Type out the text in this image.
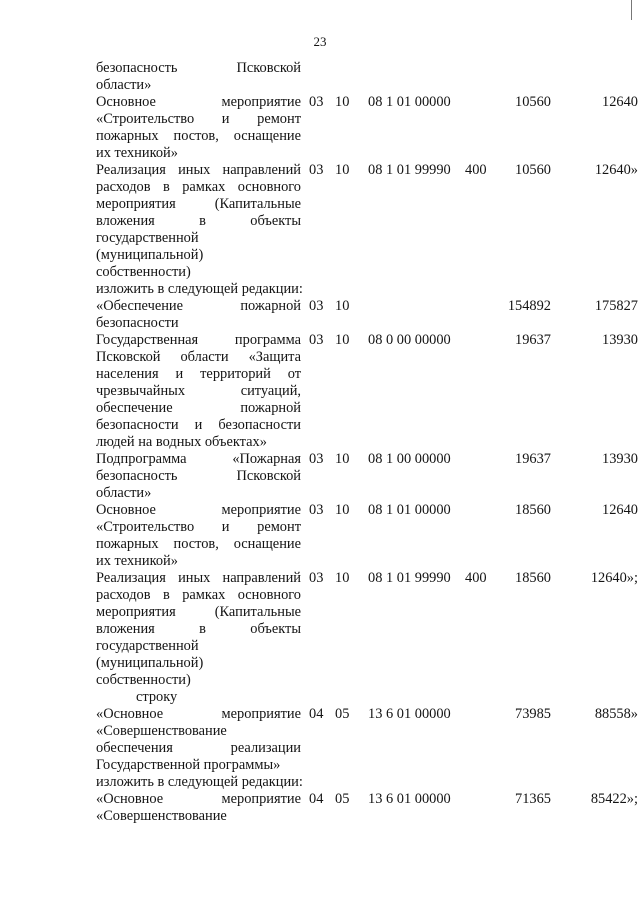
23
безопасность Псковской
области»
Основное мероприятие
«Строительство и ремонт
пожарных постов, оснащение
их техникой»
03 10 08 1 01 00000	10560	12640
Реализация иных направлений
расходов в рамках основного
мероприятия (Капитальные
вложения в объекты
государственной
(муниципальной)
собственности)
03 10 08 1 01 99990 400	10560	12640»
изложить в следующей редакции:
«Обеспечение пожарной
безопасности
03 10	154892	175827
Государственная программа
Псковской области «Защита
населения и территорий от
чрезвычайных ситуаций,
обеспечение пожарной
безопасности и безопасности
людей на водных объектах»
03 10 08 0 00 00000	19637	13930
Подпрограмма «Пожарная
безопасность Псковской
области»
03 10 08 1 00 00000	19637	13930
Основное мероприятие
«Строительство и ремонт
пожарных постов, оснащение
их техникой»
03 10 08 1 01 00000	18560	12640
Реализация иных направлений
расходов в рамках основного
мероприятия (Капитальные
вложения в объекты
государственной
(муниципальной)
собственности)
03 10 08 1 01 99990 400	18560	12640»;
строку
«Основное мероприятие
«Совершенствование
обеспечения реализации
Государственной программы»
04 05 13 6 01 00000	73985	88558»
изложить в следующей редакции:
«Основное мероприятие
«Совершенствование
04 05 13 6 01 00000	71365	85422»;
